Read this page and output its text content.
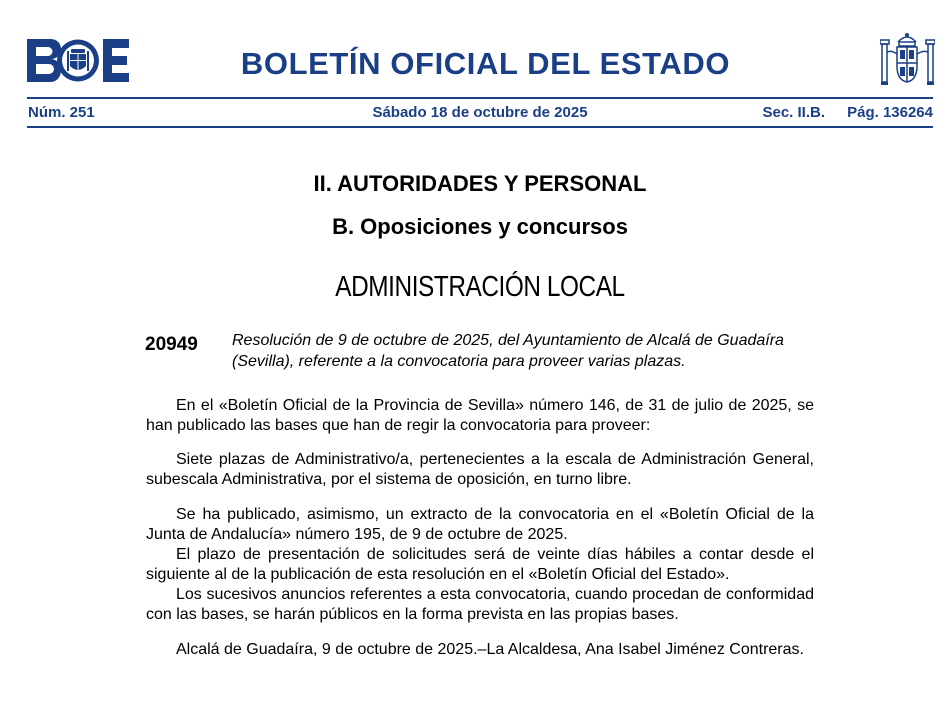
BOLETÍN OFICIAL DEL ESTADO
Núm. 251	Sábado 18 de octubre de 2025	Sec. II.B. Pág. 136264
II. AUTORIDADES Y PERSONAL
B. Oposiciones y concursos
ADMINISTRACIÓN LOCAL
20949 Resolución de 9 de octubre de 2025, del Ayuntamiento de Alcalá de Guadaíra (Sevilla), referente a la convocatoria para proveer varias plazas.

En el «Boletín Oficial de la Provincia de Sevilla» número 146, de 31 de julio de 2025, se han publicado las bases que han de regir la convocatoria para proveer:

Siete plazas de Administrativo/a, pertenecientes a la escala de Administración General, subescala Administrativa, por el sistema de oposición, en turno libre.

Se ha publicado, asimismo, un extracto de la convocatoria en el «Boletín Oficial de la Junta de Andalucía» número 195, de 9 de octubre de 2025.

El plazo de presentación de solicitudes será de veinte días hábiles a contar desde el siguiente al de la publicación de esta resolución en el «Boletín Oficial del Estado».

Los sucesivos anuncios referentes a esta convocatoria, cuando procedan de conformidad con las bases, se harán públicos en la forma prevista en las propias bases.

Alcalá de Guadaíra, 9 de octubre de 2025.–La Alcaldesa, Ana Isabel Jiménez Contreras.
